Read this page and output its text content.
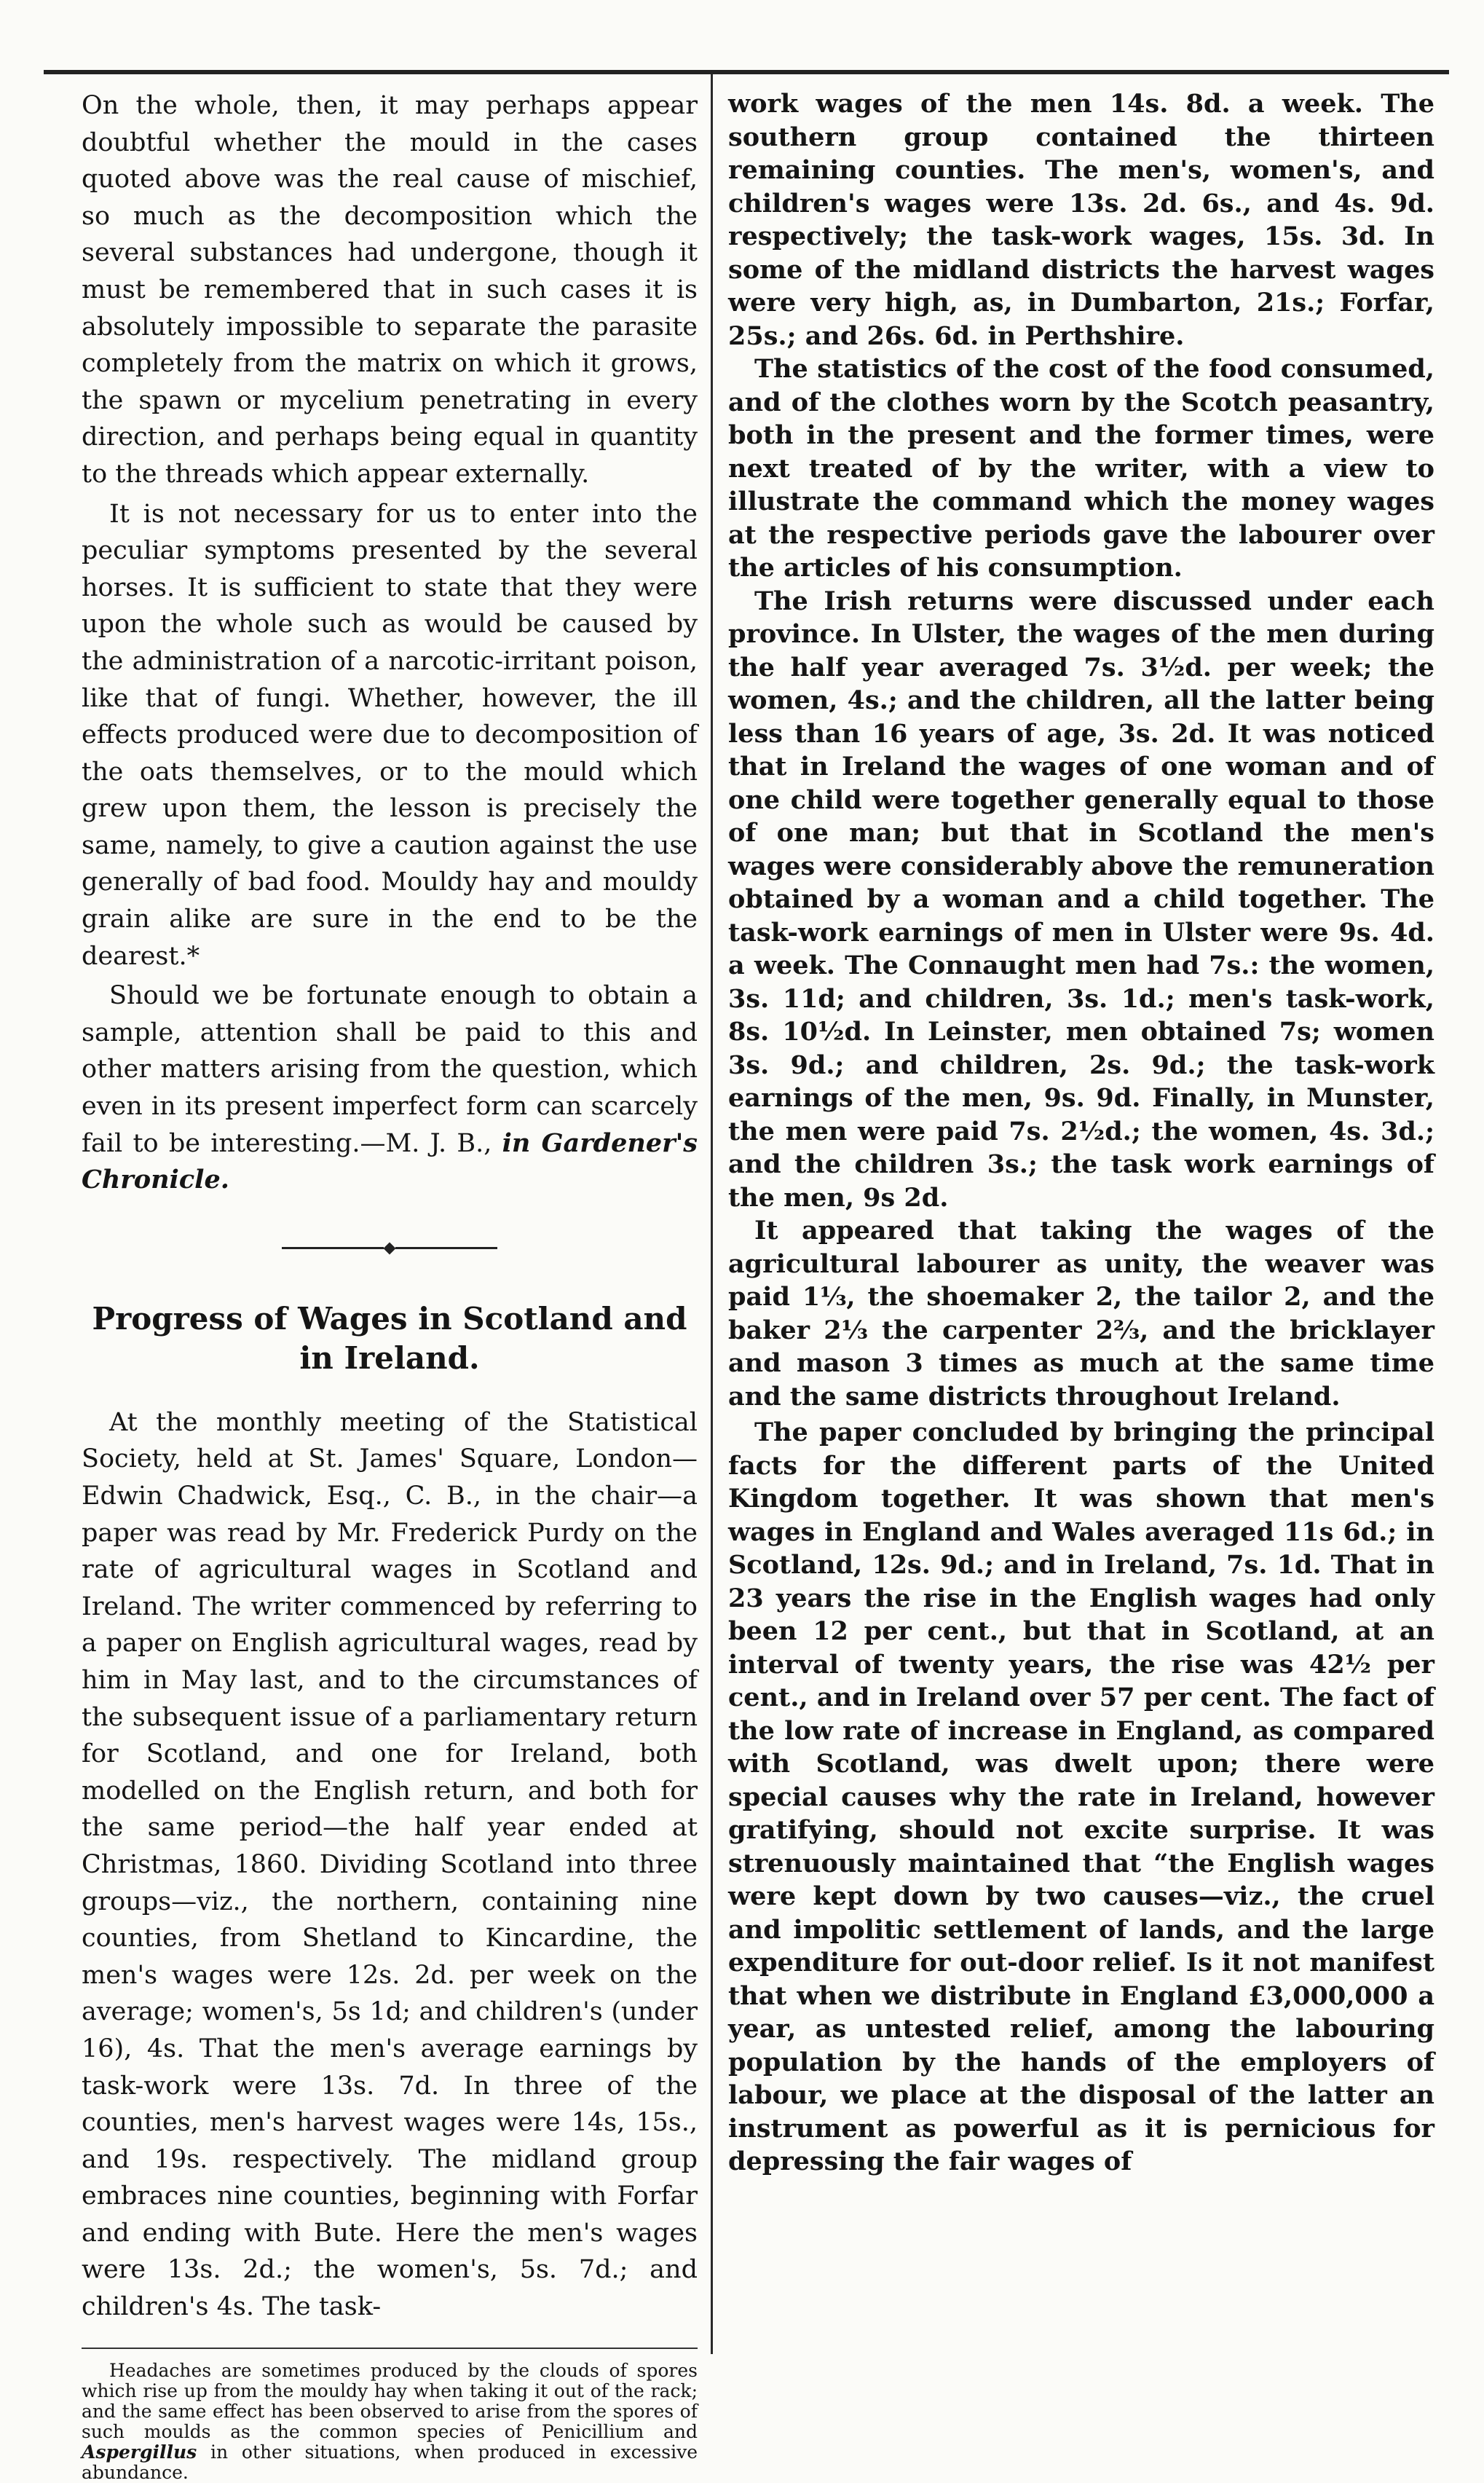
On the whole, then, it may perhaps appear doubtful whether the mould in the cases quoted above was the real cause of mischief, so much as the decomposition which the several substances had undergone, though it must be remembered that in such cases it is absolutely impossible to separate the parasite completely from the matrix on which it grows, the spawn or mycelium penetrating in every direction, and perhaps being equal in quantity to the threads which appear externally.

It is not necessary for us to enter into the peculiar symptoms presented by the several horses. It is sufficient to state that they were upon the whole such as would be caused by the administration of a narcotic-irritant poison, like that of fungi. Whether, however, the ill effects produced were due to decomposition of the oats themselves, or to the mould which grew upon them, the lesson is precisely the same, namely, to give a caution against the use generally of bad food. Mouldy hay and mouldy grain alike are sure in the end to be the dearest.*

Should we be fortunate enough to obtain a sample, attention shall be paid to this and other matters arising from the question, which even in its present imperfect form can scarcely fail to be interesting.—M. J. B., in Gardener's Chronicle.

Progress of Wages in Scotland and in Ireland.

At the monthly meeting of the Statistical Society, held at St. James' Square, London—Edwin Chadwick, Esq., C. B., in the chair—a paper was read by Mr. Frederick Purdy on the rate of agricultural wages in Scotland and Ireland. The writer commenced by referring to a paper on English agricultural wages, read by him in May last, and to the circumstances of the subsequent issue of a parliamentary return for Scotland, and one for Ireland, both modelled on the English return, and both for the same period—the half year ended at Christmas, 1860. Dividing Scotland into three groups—viz., the northern, containing nine counties, from Shetland to Kincardine, the men's wages were 12s. 2d. per week on the average; women's, 5s 1d; and children's (under 16), 4s. That the men's average earnings by task-work were 13s. 7d. In three of the counties, men's harvest wages were 14s, 15s., and 19s. respectively. The midland group embraces nine counties, beginning with Forfar and ending with Bute. Here the men's wages were 13s. 2d.; the women's, 5s. 7d.; and children's 4s. The task-

Headaches are sometimes produced by the clouds of spores which rise up from the mouldy hay when taking it out of the rack; and the same effect has been observed to arise from the spores of such moulds as the common species of Penicillium and Aspergillus in other situations, when produced in excessive abundance.

work wages of the men 14s. 8d. a week. The southern group contained the thirteen remaining counties. The men's, women's, and children's wages were 13s. 2d. 6s., and 4s. 9d. respectively; the task-work wages, 15s. 3d. In some of the midland districts the harvest wages were very high, as, in Dumbarton, 21s.; Forfar, 25s.; and 26s. 6d. in Perthshire.

The statistics of the cost of the food consumed, and of the clothes worn by the Scotch peasantry, both in the present and the former times, were next treated of by the writer, with a view to illustrate the command which the money wages at the respective periods gave the labourer over the articles of his consumption.

The Irish returns were discussed under each province. In Ulster, the wages of the men during the half year averaged 7s. 3½d. per week; the women, 4s.; and the children, all the latter being less than 16 years of age, 3s. 2d. It was noticed that in Ireland the wages of one woman and of one child were together generally equal to those of one man; but that in Scotland the men's wages were considerably above the remuneration obtained by a woman and a child together. The task-work earnings of men in Ulster were 9s. 4d. a week. The Connaught men had 7s.: the women, 3s. 11d; and children, 3s. 1d.; men's task-work, 8s. 10½d. In Leinster, men obtained 7s; women 3s. 9d.; and children, 2s. 9d.; the task-work earnings of the men, 9s. 9d. Finally, in Munster, the men were paid 7s. 2½d.; the women, 4s. 3d.; and the children 3s.; the task work earnings of the men, 9s 2d.

It appeared that taking the wages of the agricultural labourer as unity, the weaver was paid 1⅓, the shoemaker 2, the tailor 2, and the baker 2⅓ the carpenter 2⅔, and the bricklayer and mason 3 times as much at the same time and the same districts throughout Ireland.

The paper concluded by bringing the principal facts for the different parts of the United Kingdom together. It was shown that men's wages in England and Wales averaged 11s 6d.; in Scotland, 12s. 9d.; and in Ireland, 7s. 1d. That in 23 years the rise in the English wages had only been 12 per cent., but that in Scotland, at an interval of twenty years, the rise was 42½ per cent., and in Ireland over 57 per cent. The fact of the low rate of increase in England, as compared with Scotland, was dwelt upon; there were special causes why the rate in Ireland, however gratifying, should not excite surprise. It was strenuously maintained that “the English wages were kept down by two causes—viz., the cruel and impolitic settlement of lands, and the large expenditure for out-door relief. Is it not manifest that when we distribute in England £3,000,000 a year, as untested relief, among the labouring population by the hands of the employers of labour, we place at the disposal of the latter an instrument as powerful as it is pernicious for depressing the fair wages of
